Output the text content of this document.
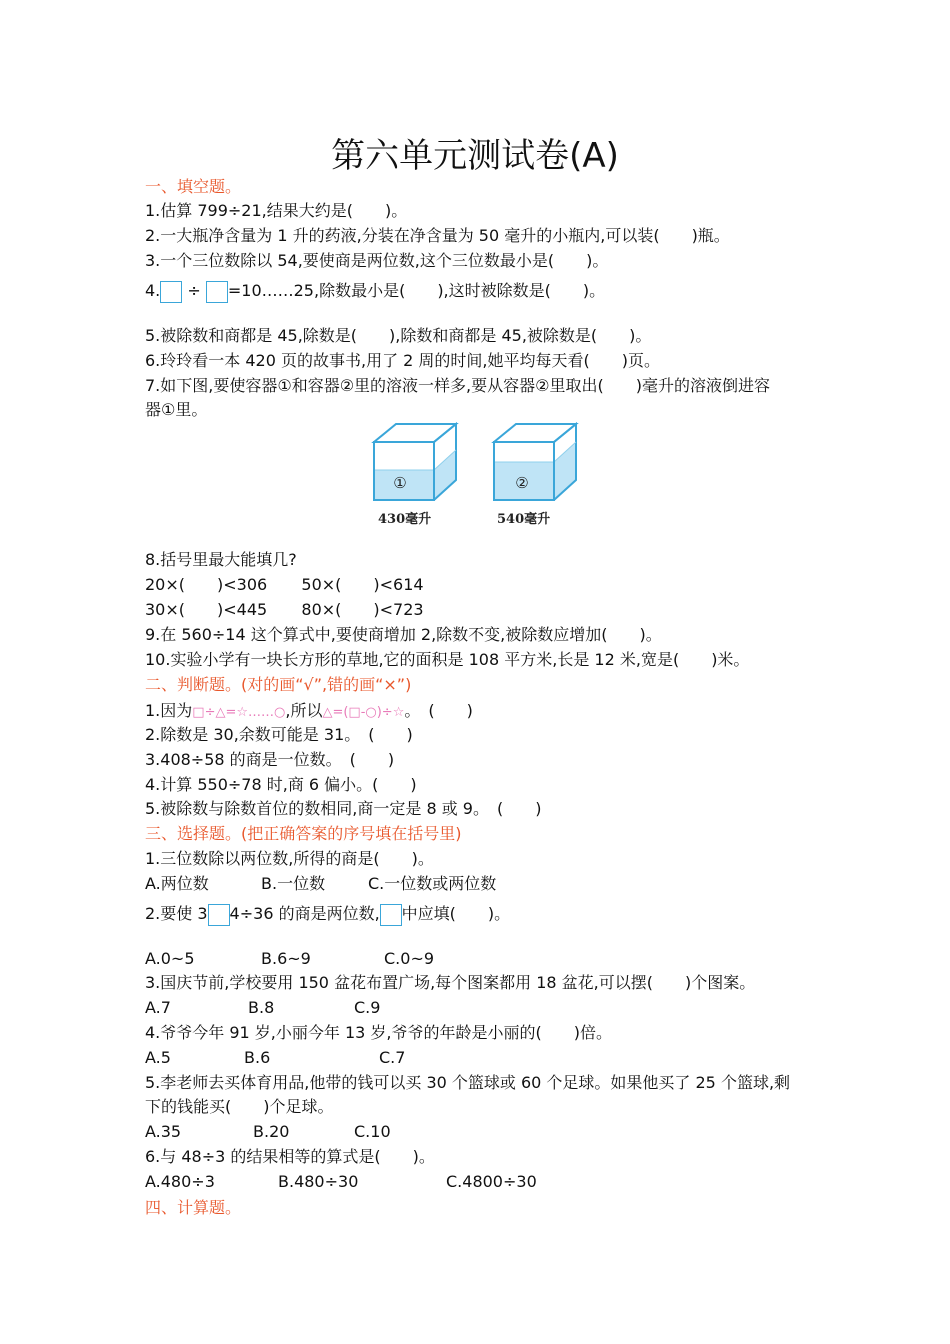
第六单元测试卷(A)
一、填空题。
1.估算 799÷21,结果大约是(　　)。
2.一大瓶净含量为 1 升的药液,分装在净含量为 50 毫升的小瓶内,可以装(　　)瓶。
3.一个三位数除以 54,要使商是两位数,这个三位数最小是(　　)。
4. ÷ =10……25,除数最小是(　　),这时被除数是(　　)。
5.被除数和商都是 45,除数是(　　),除数和商都是 45,被除数是(　　)。
6.玲玲看一本 420 页的故事书,用了 2 周的时间,她平均每天看(　　)页。
7.如下图,要使容器①和容器②里的溶液一样多,要从容器②里取出(　　)毫升的溶液倒进容
器①里。
①
430毫升
②
540毫升
8.括号里最大能填几?
20×(　　)<306 50×(　　)<614
30×(　　)<445 80×(　　)<723
9.在 560÷14 这个算式中,要使商增加 2,除数不变,被除数应增加(　　)。
10.实验小学有一块长方形的草地,它的面积是 108 平方米,长是 12 米,宽是(　　)米。
二、判断题。(对的画“√”,错的画“×”)
1.因为□÷△=☆……○,所以△=(□-○)÷☆。　(　　)
2.除数是 30,余数可能是 31。　(　　)
3.408÷58 的商是一位数。　(　　)
4.计算 550÷78 时,商 6 偏小。(　　)
5.被除数与除数首位的数相同,商一定是 8 或 9。　(　　)
三、选择题。(把正确答案的序号填在括号里)
1.三位数除以两位数,所得的商是(　　)。
A.两位数	B.一位数	C.一位数或两位数
2.要使 3 4÷36 的商是两位数, 中应填(　　)。
A.0~5	B.6~9	C.0~9
3.国庆节前,学校要用 150 盆花布置广场,每个图案都用 18 盆花,可以摆(　　)个图案。
A.7	B.8	C.9
4.爷爷今年 91 岁,小丽今年 13 岁,爷爷的年龄是小丽的(　　)倍。
A.5	B.6	C.7
5.李老师去买体育用品,他带的钱可以买 30 个篮球或 60 个足球。如果他买了 25 个篮球,剩
下的钱能买(　　)个足球。
A.35	B.20	C.10
6.与 48÷3 的结果相等的算式是(　　)。
A.480÷3	B.480÷30	C.4800÷30
四、计算题。
